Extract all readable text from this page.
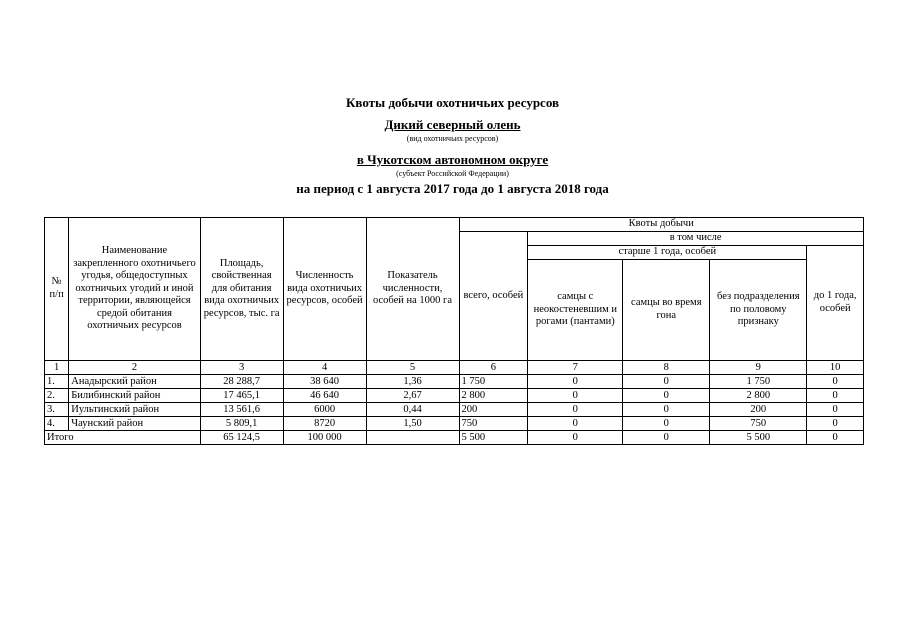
Квоты добычи охотничьих ресурсов
Дикий северный олень
(вид охотничьих ресурсов)
в Чукотском автономном округе
(субъект Российской Федерации)
на период с 1 августа 2017 года до 1 августа 2018 года
№ п/п	Наименование закрепленного охотничьего угодья, общедоступных охотничьих угодий и иной территории, являющейся средой обитания охотничьих ресурсов	Площадь, свойственная для обитания вида охотничьих ресурсов, тыс. га	Численность вида охотничьих ресурсов, особей	Показатель численности, особей на 1000 га	Квоты добычи				
					всего, особей	в том числе			
						старше 1 года, особей			до 1 года, особей
						самцы с неокостеневшим и рогами (пантами)	самцы во время гона	без подразделения по половому признаку	
1	2	3	4	5	6	7	8	9	10
1.	Анадырский район	28 288,7	38 640	1,36	1 750	0	0	1 750	0
2.	Билибинский район	17 465,1	46 640	2,67	2 800	0	0	2 800	0
3.	Иультинский район	13 561,6	6000	0,44	200	0	0	200	0
4.	Чаунский район	5 809,1	8720	1,50	750	0	0	750	0
Итого		65 124,5	100 000		5 500	0	0	5 500	0
